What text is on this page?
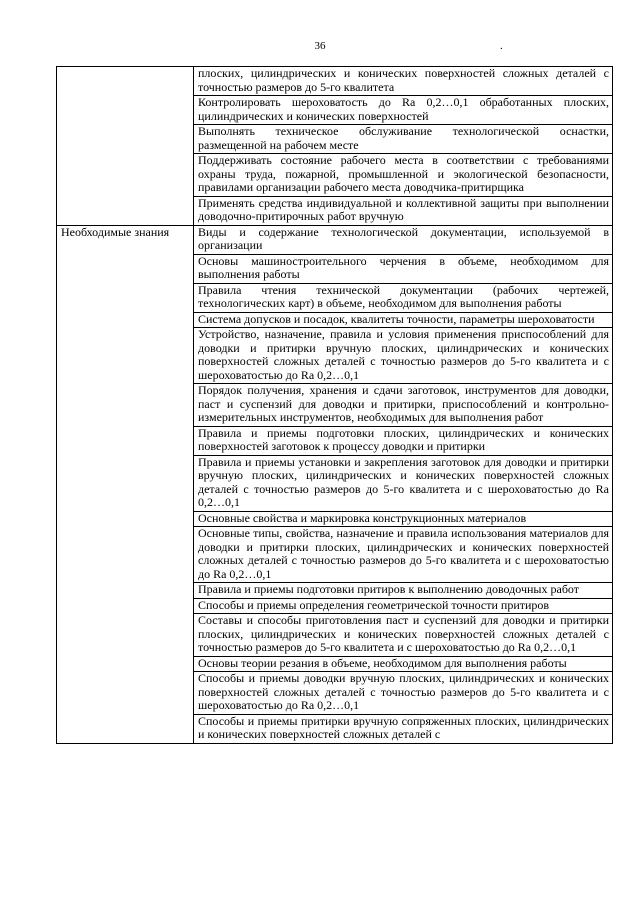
36	.
	плоских, цилиндрических и конических поверхностей сложных деталей с точностью размеров до 5-го квалитета
	Контролировать шероховатость до Ra 0,2…0,1 обработанных плоских, цилиндрических и конических поверхностей
	Выполнять техническое обслуживание технологической оснастки, размещенной на рабочем месте
	Поддерживать состояние рабочего места в соответствии с требованиями охраны труда, пожарной, промышленной и экологической безопасности, правилами организации рабочего места доводчика-притирщика
	Применять средства индивидуальной и коллективной защиты при выполнении доводочно-притирочных работ вручную
Необходимые знания	Виды и содержание технологической документации, используемой в организации
	Основы машиностроительного черчения в объеме, необходимом для выполнения работы
	Правила чтения технической документации (рабочих чертежей, технологических карт) в объеме, необходимом для выполнения работы
	Система допусков и посадок, квалитеты точности, параметры шероховатости
	Устройство, назначение, правила и условия применения приспособлений для доводки и притирки вручную плоских, цилиндрических и конических поверхностей сложных деталей с точностью размеров до 5-го квалитета и с шероховатостью до Ra 0,2…0,1
	Порядок получения, хранения и сдачи заготовок, инструментов для доводки, паст и суспензий для доводки и притирки, приспособлений и контрольно-измерительных инструментов, необходимых для выполнения работ
	Правила и приемы подготовки плоских, цилиндрических и конических поверхностей заготовок к процессу доводки и притирки
	Правила и приемы установки и закрепления заготовок для доводки и притирки вручную плоских, цилиндрических и конических поверхностей сложных деталей с точностью размеров до 5-го квалитета и с шероховатостью до Ra 0,2…0,1
	Основные свойства и маркировка конструкционных материалов
	Основные типы, свойства, назначение и правила использования материалов для доводки и притирки плоских, цилиндрических и конических поверхностей сложных деталей с точностью размеров до 5-го квалитета и с шероховатостью до Ra 0,2…0,1
	Правила и приемы подготовки притиров к выполнению доводочных работ
	Способы и приемы определения геометрической точности притиров
	Составы и способы приготовления паст и суспензий для доводки и притирки плоских, цилиндрических и конических поверхностей сложных деталей с точностью размеров до 5-го квалитета и с шероховатостью до Ra 0,2…0,1
	Основы теории резания в объеме, необходимом для выполнения работы
	Способы и приемы доводки вручную плоских, цилиндрических и конических поверхностей сложных деталей с точностью размеров до 5-го квалитета и с шероховатостью до Ra 0,2…0,1
	Способы и приемы притирки вручную сопряженных плоских, цилиндрических и конических поверхностей сложных деталей с
